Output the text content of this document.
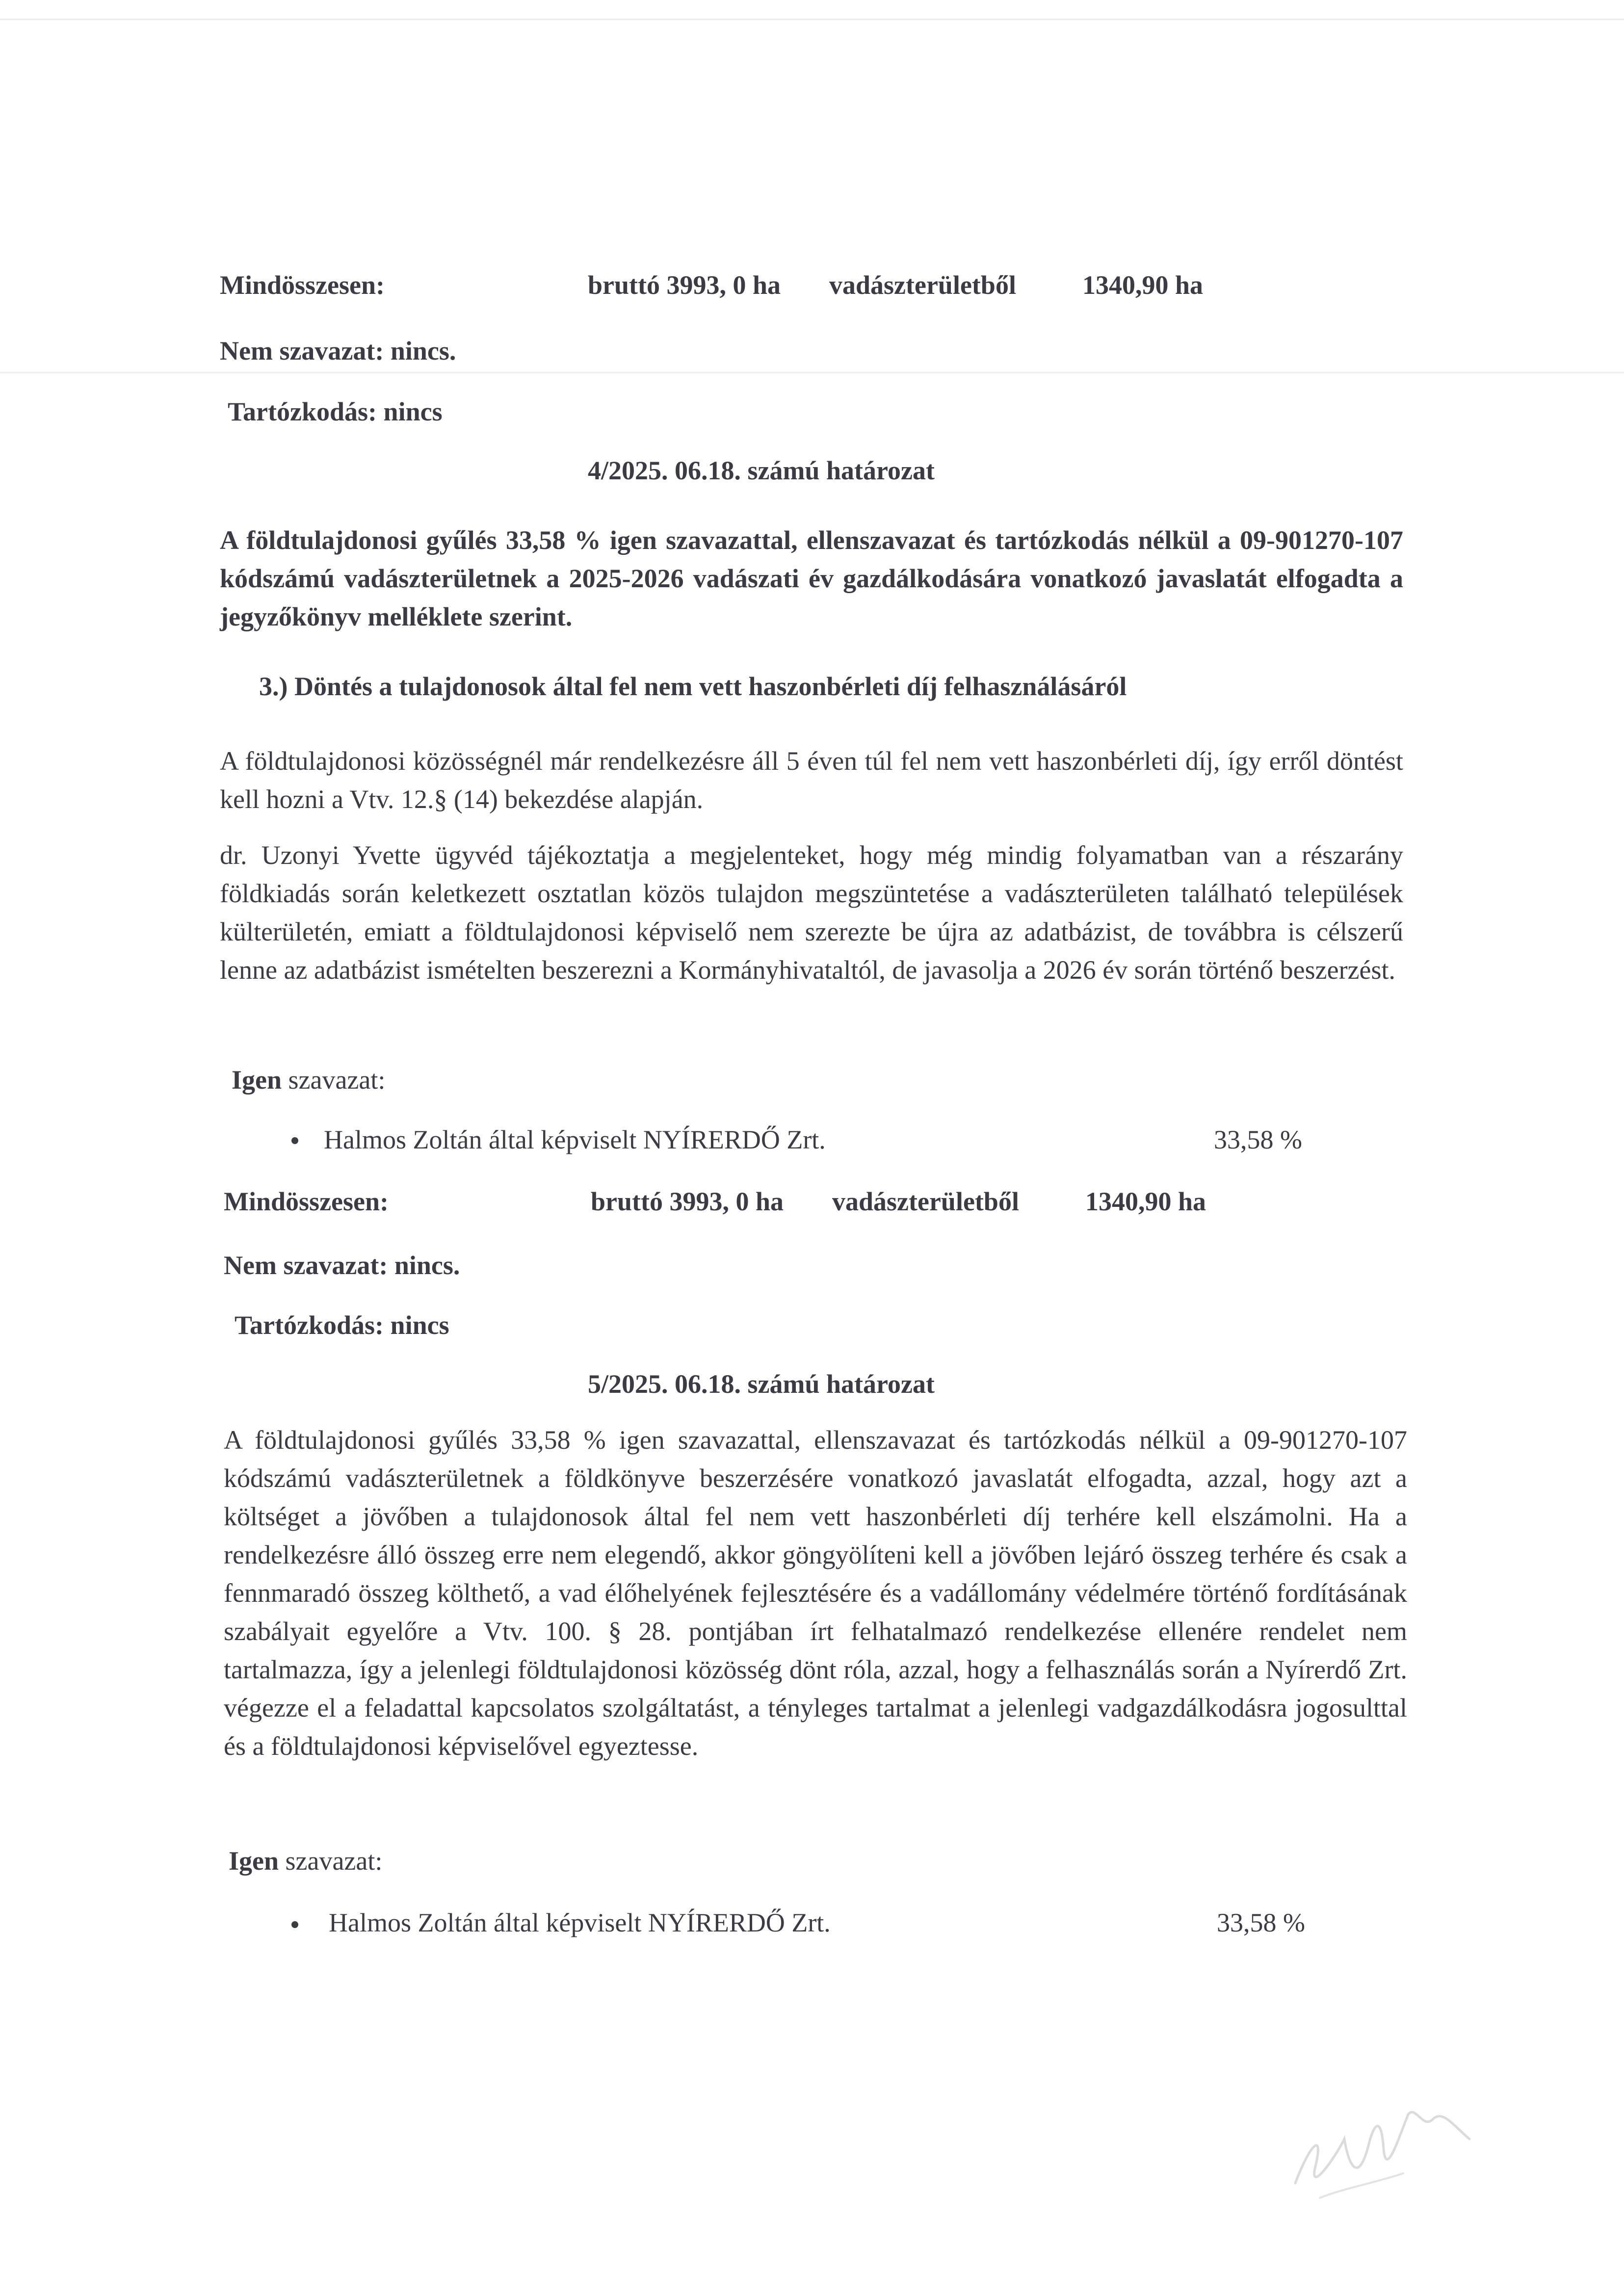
Mindösszesen:	bruttó 3993, 0 ha vadászterületből	1340,90 ha
Nem szavazat: nincs.
Tartózkodás: nincs
4/2025. 06.18. számú határozat
A földtulajdonosi gyűlés 33,58 % igen szavazattal, ellenszavazat és tartózkodás nélkül a 09-901270-107 kódszámú vadászterületnek a 2025-2026 vadászati év gazdálkodására vonatkozó javaslatát elfogadta a jegyzőkönyv melléklete szerint.
3.) Döntés a tulajdonosok által fel nem vett haszonbérleti díj felhasználásáról
A földtulajdonosi közösségnél már rendelkezésre áll 5 éven túl fel nem vett haszonbérleti díj, így erről döntést kell hozni a Vtv. 12.§ (14) bekezdése alapján.
dr. Uzonyi Yvette ügyvéd tájékoztatja a megjelenteket, hogy még mindig folyamatban van a részarány földkiadás során keletkezett osztatlan közös tulajdon megszüntetése a vadászterületen található települések külterületén, emiatt a földtulajdonosi képviselő nem szerezte be újra az adatbázist, de továbbra is célszerű lenne az adatbázist ismételten beszerezni a Kormányhivataltól, de javasolja a 2026 év során történő beszerzést.
Igen szavazat:
Halmos Zoltán által képviselt NYÍRERDŐ Zrt.	33,58 %
Mindösszesen:	bruttó 3993, 0 ha vadászterületből	1340,90 ha
Nem szavazat: nincs.
Tartózkodás: nincs
5/2025. 06.18. számú határozat
A földtulajdonosi gyűlés 33,58 % igen szavazattal, ellenszavazat és tartózkodás nélkül a 09-901270-107 kódszámú vadászterületnek a földkönyve beszerzésére vonatkozó javaslatát elfogadta, azzal, hogy azt a költséget a jövőben a tulajdonosok által fel nem vett haszonbérleti díj terhére kell elszámolni. Ha a rendelkezésre álló összeg erre nem elegendő, akkor göngyölíteni kell a jövőben lejáró összeg terhére és csak a fennmaradó összeg költhető, a vad élőhelyének fejlesztésére és a vadállomány védelmére történő fordításának szabályait egyelőre a Vtv. 100. § 28. pontjában írt felhatalmazó rendelkezése ellenére rendelet nem tartalmazza, így a jelenlegi földtulajdonosi közösség dönt róla, azzal, hogy a felhasználás során a Nyírerdő Zrt. végezze el a feladattal kapcsolatos szolgáltatást, a tényleges tartalmat a jelenlegi vadgazdálkodásra jogosulttal és a földtulajdonosi képviselővel egyeztesse.
Igen szavazat:
Halmos Zoltán által képviselt NYÍRERDŐ Zrt.	33,58 %
